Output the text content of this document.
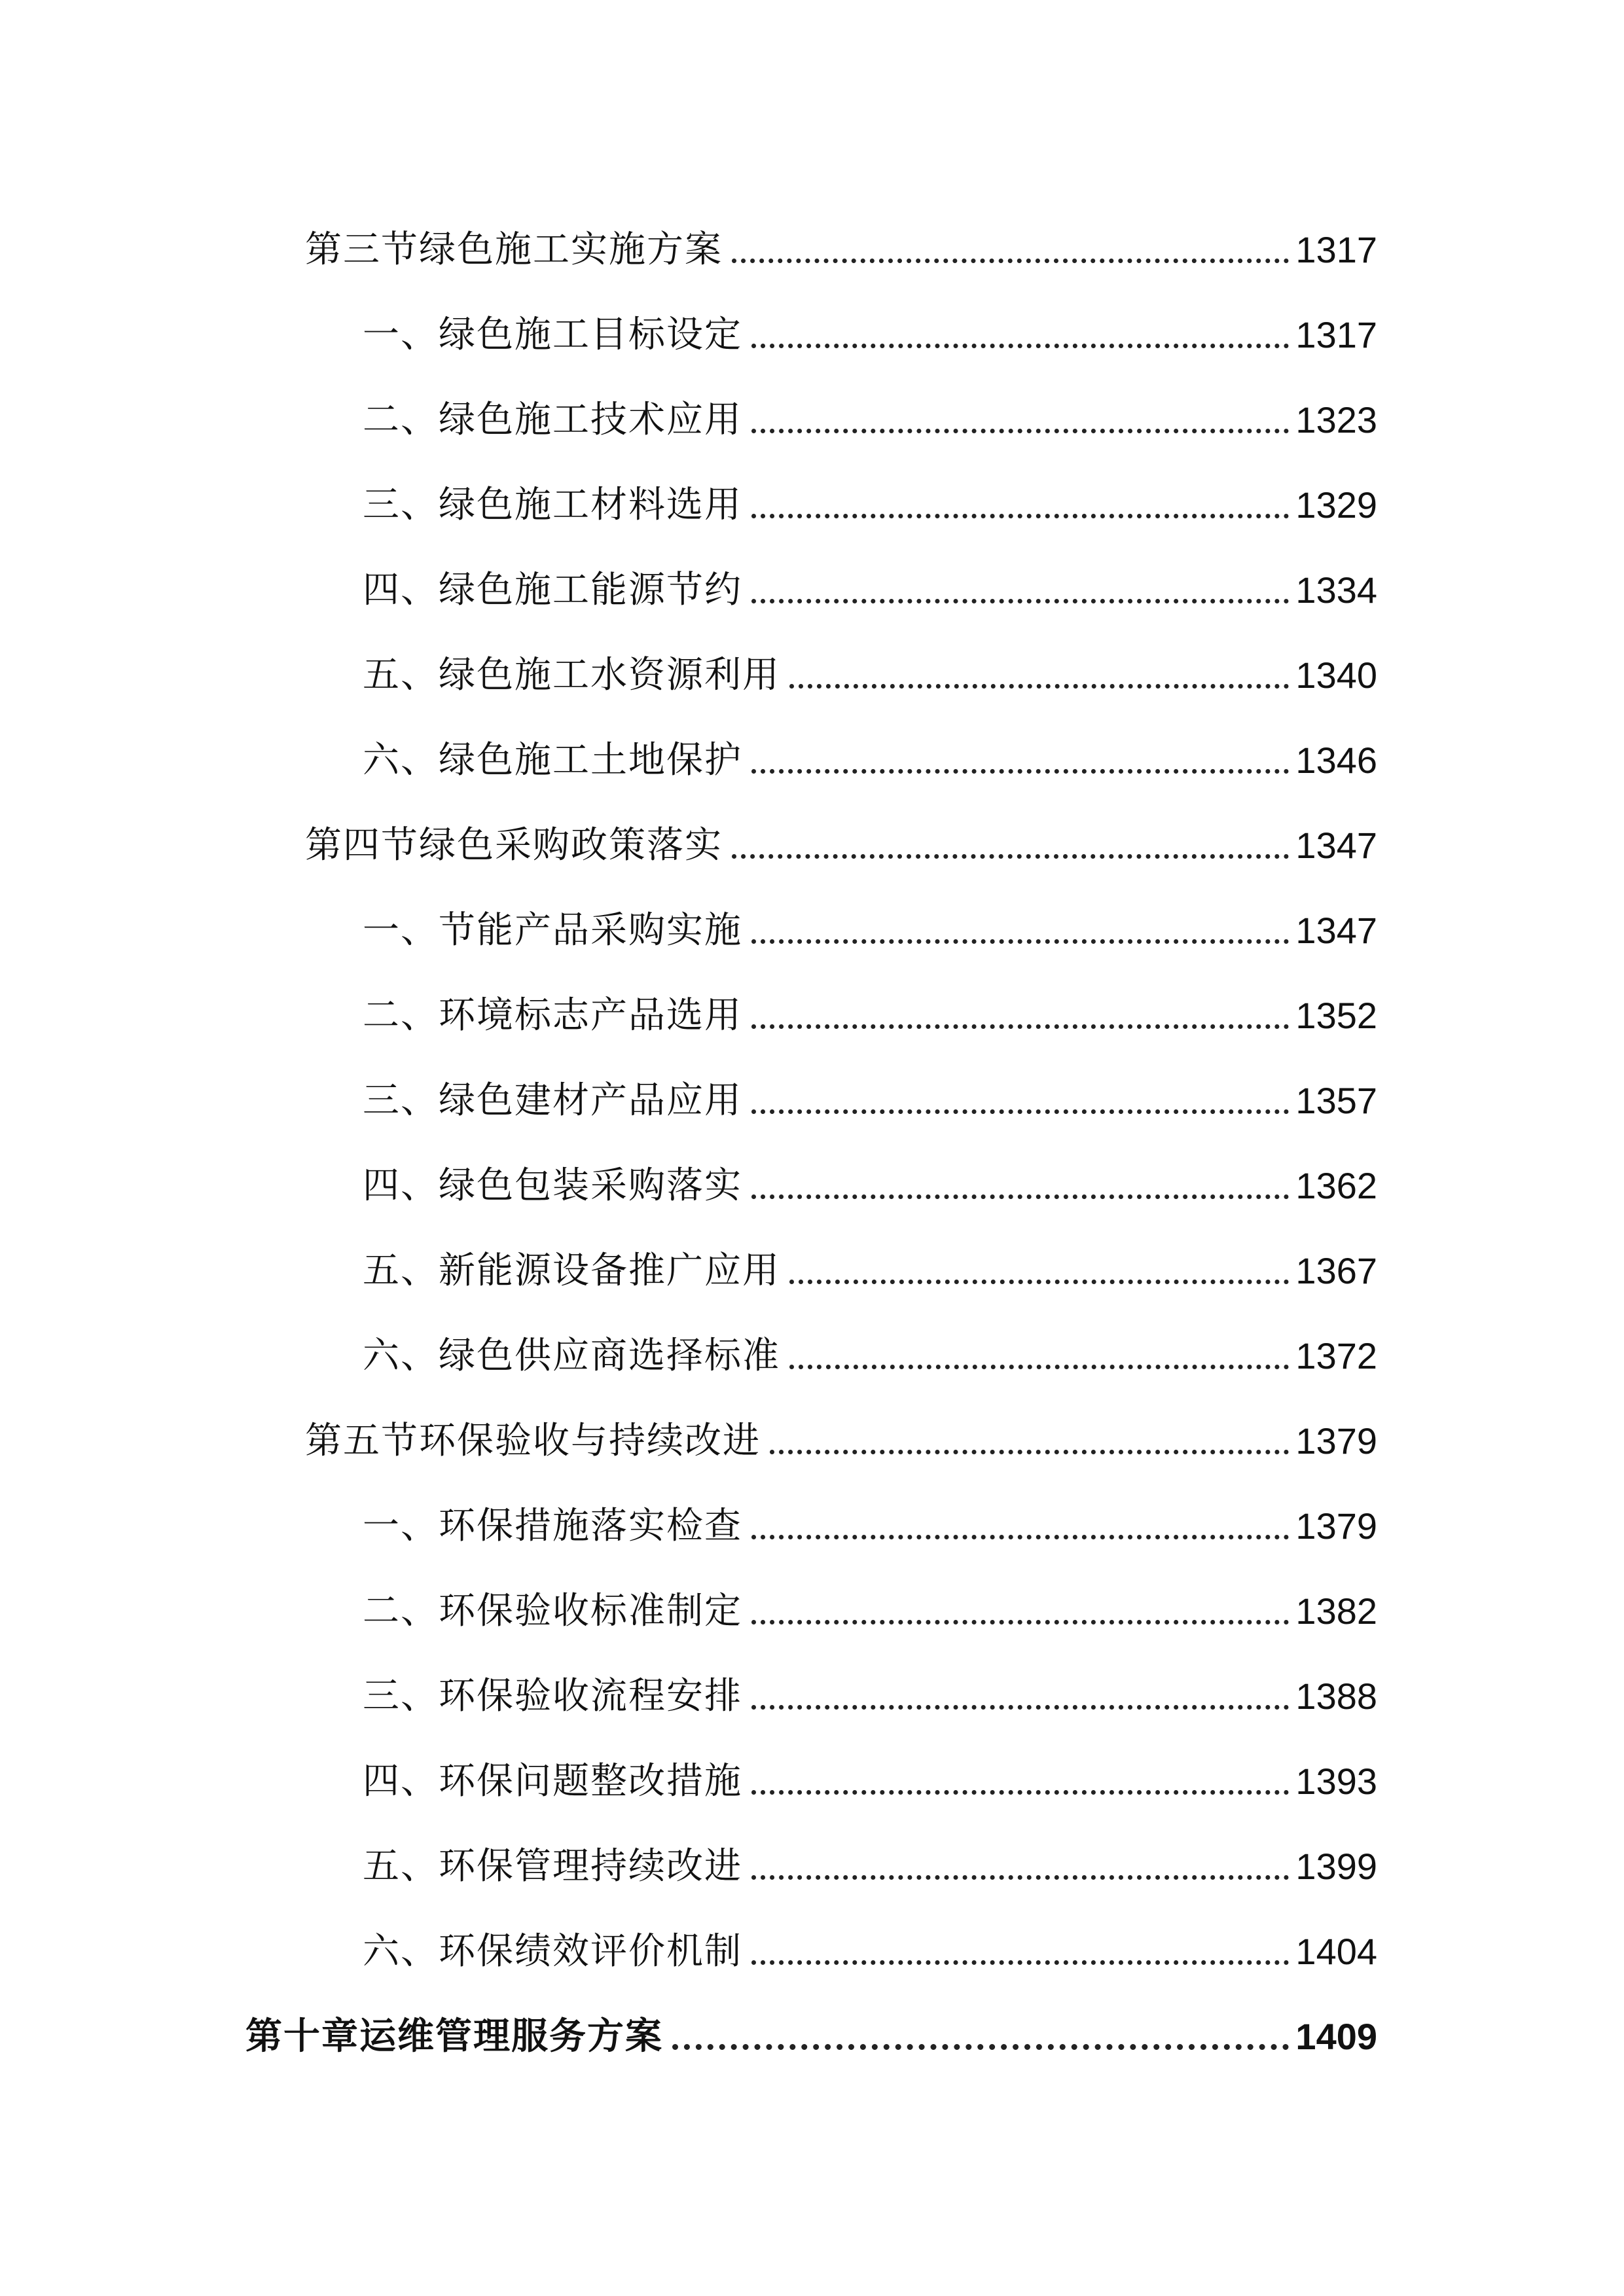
第三节绿色施工实施方案	1317
一、绿色施工目标设定	1317
二、绿色施工技术应用	1323
三、绿色施工材料选用	1329
四、绿色施工能源节约	1334
五、绿色施工水资源利用	1340
六、绿色施工土地保护	1346
第四节绿色采购政策落实	1347
一、节能产品采购实施	1347
二、环境标志产品选用	1352
三、绿色建材产品应用	1357
四、绿色包装采购落实	1362
五、新能源设备推广应用	1367
六、绿色供应商选择标准	1372
第五节环保验收与持续改进	1379
一、环保措施落实检查	1379
二、环保验收标准制定	1382
三、环保验收流程安排	1388
四、环保问题整改措施	1393
五、环保管理持续改进	1399
六、环保绩效评价机制	1404
第十章运维管理服务方案	1409
